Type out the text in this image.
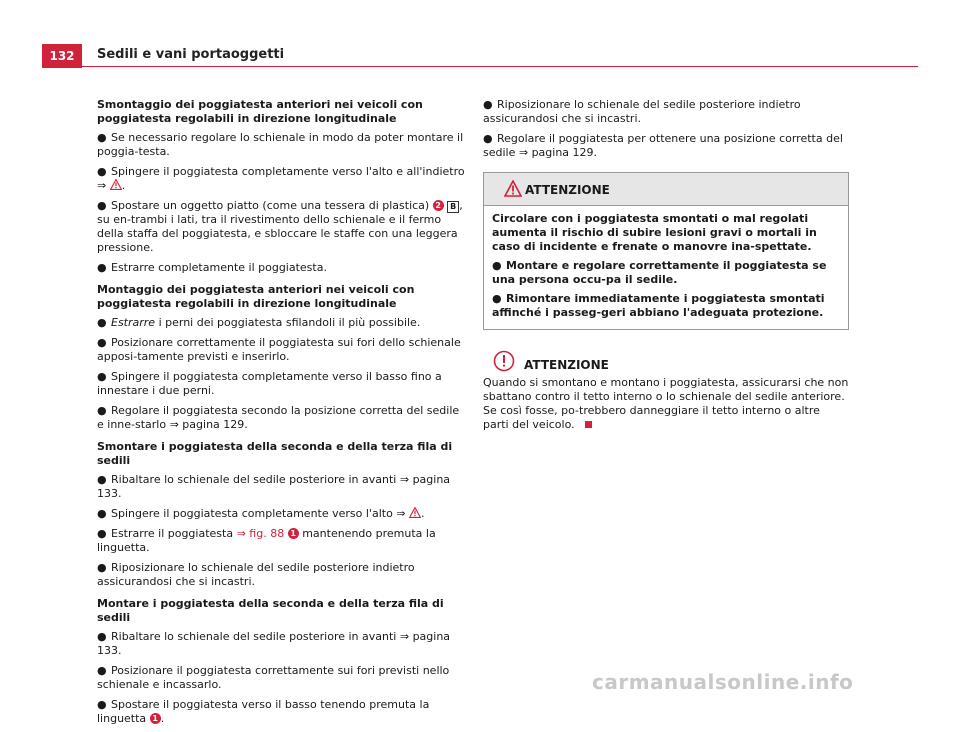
132	Sedili e vani portaoggetti
Smontaggio dei poggiatesta anteriori nei veicoli con poggiatesta regolabili in direzione longitudinale
● Se necessario regolare lo schienale in modo da poter montare il poggia-testa.
● Spingere il poggiatesta completamente verso l'alto e all'indietro ⇒ .
● Spostare un oggetto piatto (come una tessera di plastica) 2 B , su en-trambi i lati, tra il rivestimento dello schienale e il fermo della staffa del poggiatesta, e sbloccare le staffe con una leggera pressione.
● Estrarre completamente il poggiatesta.
Montaggio dei poggiatesta anteriori nei veicoli con poggiatesta regolabili in direzione longitudinale
● Estrarre i perni dei poggiatesta sfilandoli il più possibile.
● Posizionare correttamente il poggiatesta sui fori dello schienale apposi-tamente previsti e inserirlo.
● Spingere il poggiatesta completamente verso il basso fino a innestare i due perni.
● Regolare il poggiatesta secondo la posizione corretta del sedile e inne-starlo ⇒ pagina 129.
Smontare i poggiatesta della seconda e della terza fila di sedili
● Ribaltare lo schienale del sedile posteriore in avanti ⇒ pagina 133.
● Spingere il poggiatesta completamente verso l'alto ⇒ .
● Estrarre il poggiatesta ⇒ fig. 88 1 mantenendo premuta la linguetta.
● Riposizionare lo schienale del sedile posteriore indietro assicurandosi che si incastri.
Montare i poggiatesta della seconda e della terza fila di sedili
● Ribaltare lo schienale del sedile posteriore in avanti ⇒ pagina 133.
● Posizionare il poggiatesta correttamente sui fori previsti nello schienale e incassarlo.
● Spostare il poggiatesta verso il basso tenendo premuta la linguetta 1 .
● Riposizionare lo schienale del sedile posteriore indietro assicurandosi che si incastri.
● Regolare il poggiatesta per ottenere una posizione corretta del sedile ⇒ pagina 129.
ATTENZIONE
Circolare con i poggiatesta smontati o mal regolati aumenta il rischio di subire lesioni gravi o mortali in caso di incidente e frenate o manovre ina-spettate.
● Montare e regolare correttamente il poggiatesta se una persona occu-pa il sedile.
● Rimontare immediatamente i poggiatesta smontati affinché i passeg-geri abbiano l'adeguata protezione.
ATTENZIONE
Quando si smontano e montano i poggiatesta, assicurarsi che non sbattano contro il tetto interno o lo schienale del sedile anteriore. Se così fosse, po-trebbero danneggiare il tetto interno o altre parti del veicolo.
carmanualsonline.info
